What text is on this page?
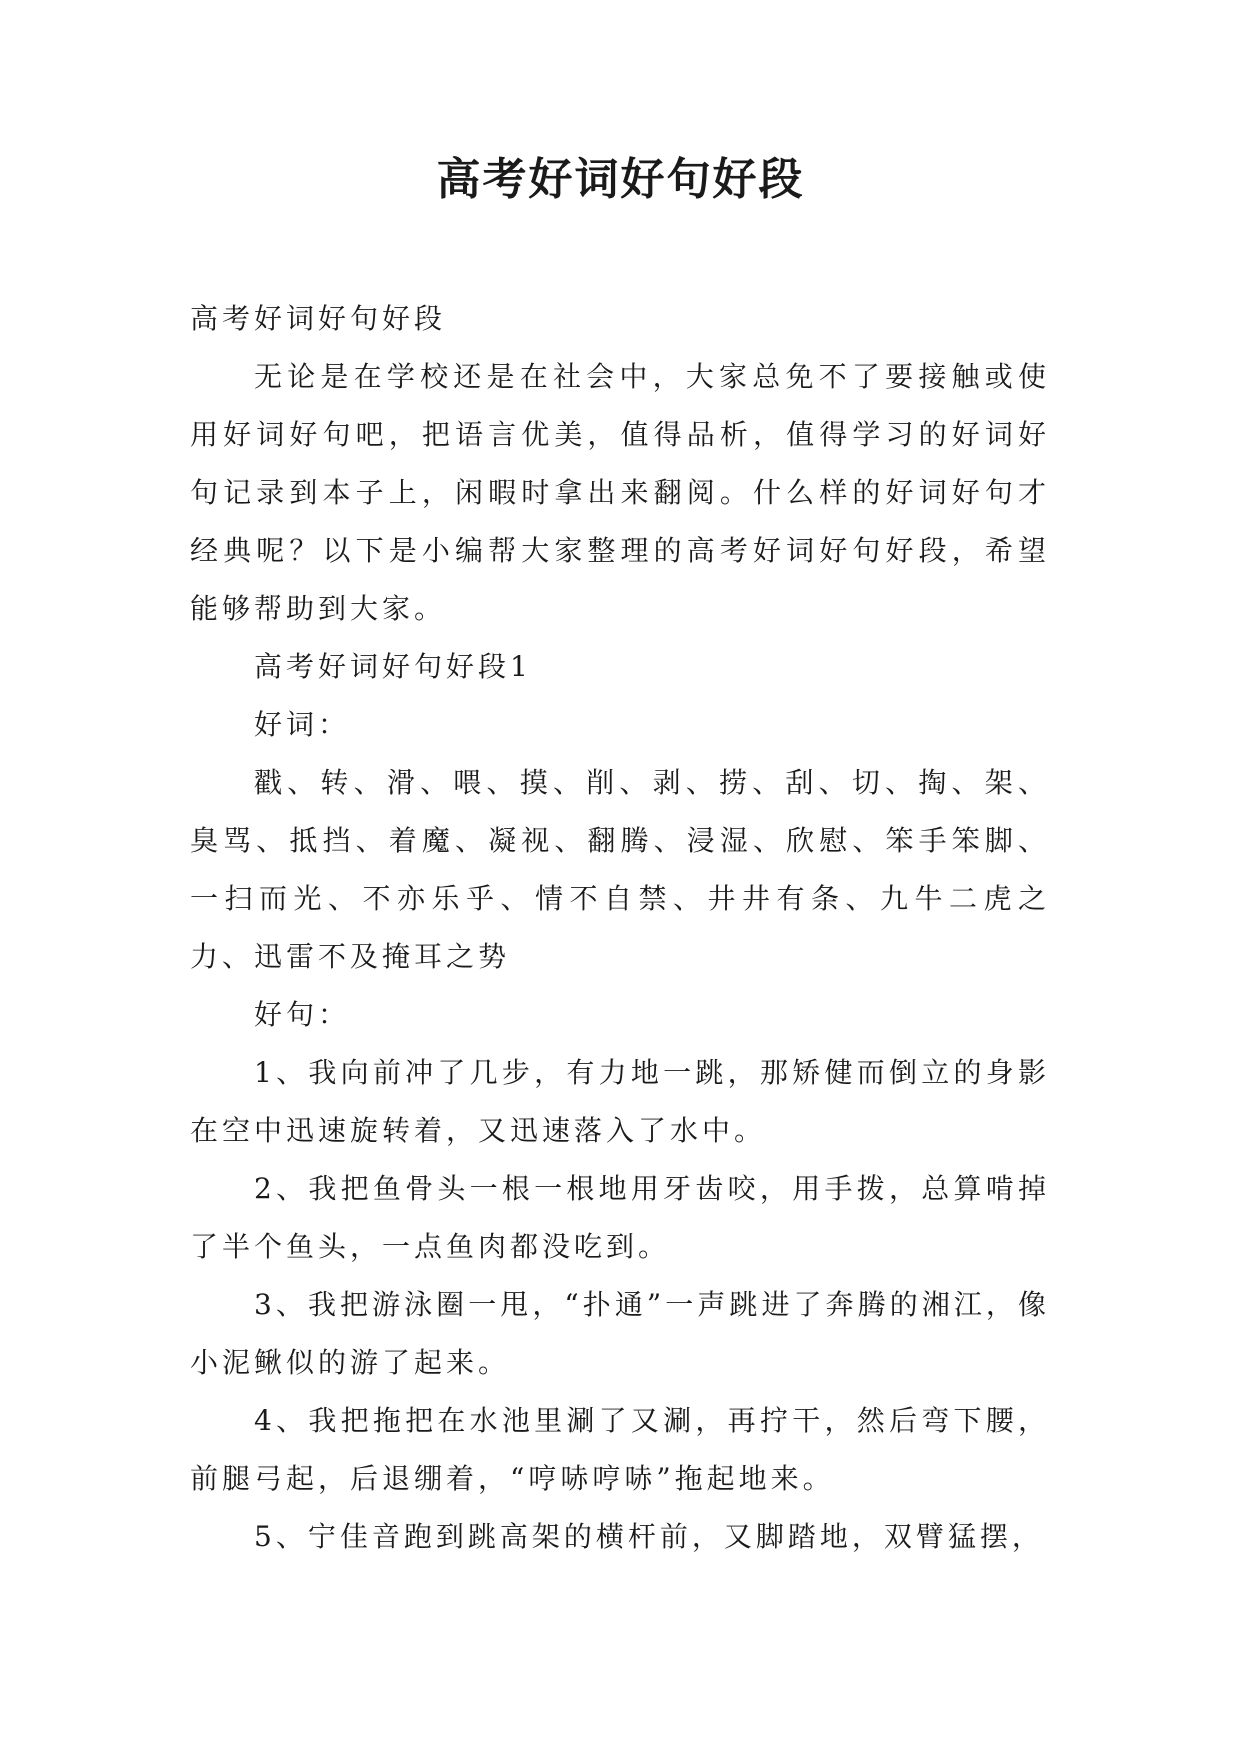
高考好词好句好段

高考好词好句好段

无论是在学校还是在社会中，大家总免不了要接触或使用好词好句吧，把语言优美，值得品析，值得学习的好词好句记录到本子上，闲暇时拿出来翻阅。什么样的好词好句才经典呢？以下是小编帮大家整理的高考好词好句好段，希望能够帮助到大家。

高考好词好句好段1

好词：

戳、转、滑、喂、摸、削、剥、捞、刮、切、掏、架、臭骂、抵挡、着魔、凝视、翻腾、浸湿、欣慰、笨手笨脚、一扫而光、不亦乐乎、情不自禁、井井有条、九牛二虎之力、迅雷不及掩耳之势

好句：

1、我向前冲了几步，有力地一跳，那矫健而倒立的身影在空中迅速旋转着，又迅速落入了水中。

2、我把鱼骨头一根一根地用牙齿咬，用手拨，总算啃掉了半个鱼头，一点鱼肉都没吃到。

3、我把游泳圈一甩，“扑通”一声跳进了奔腾的湘江，像小泥鳅似的游了起来。

4、我把拖把在水池里涮了又涮，再拧干，然后弯下腰，前腿弓起，后退绷着，“哼哧哼哧”拖起地来。

5、宁佳音跑到跳高架的横杆前，又脚踏地，双臂猛摆，
